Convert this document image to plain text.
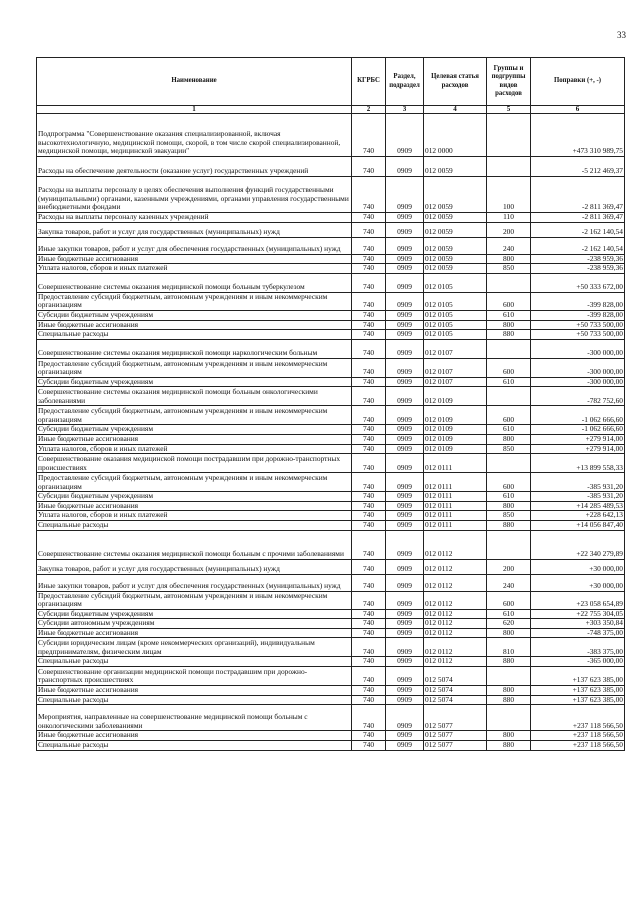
33
Наименование	КГРБС	Раздел, подраздел	Целевая статья расходов	Группы и подгруппы видов расходов	Поправки (+, -)
1	2	3	4	5	6
Подпрограмма "Совершенствование оказания специализированной, включая высокотехнологичную, медицинской помощи, скорой, в том числе скорой специализированной, медицинской помощи, медицинской эвакуации"	740	0909	012 0000		+473 310 989,75
Расходы на обеспечение деятельности (оказание услуг) государственных учреждений	740	0909	012 0059		-5 212 469,37
Расходы на выплаты персоналу в целях обеспечения выполнения функций государственными (муниципальными) органами, казенными учреждениями, органами управления государственными внебюджетными фондами	740	0909	012 0059	100	-2 811 369,47
Расходы на выплаты персоналу казенных учреждений	740	0909	012 0059	110	-2 811 369,47
Закупка товаров, работ и услуг для государственных (муниципальных) нужд	740	0909	012 0059	200	-2 162 140,54
Иные закупки товаров, работ и услуг для обеспечения государственных (муниципальных) нужд	740	0909	012 0059	240	-2 162 140,54
Иные бюджетные ассигнования	740	0909	012 0059	800	-238 959,36
Уплата налогов, сборов и иных платежей	740	0909	012 0059	850	-238 959,36
Совершенствование системы оказания медицинской помощи больным туберкулезом	740	0909	012 0105		+50 333 672,00
Предоставление субсидий бюджетным, автономным учреждениям и иным некоммерческим организациям	740	0909	012 0105	600	-399 828,00
Субсидии бюджетным учреждениям	740	0909	012 0105	610	-399 828,00
Иные бюджетные ассигнования	740	0909	012 0105	800	+50 733 500,00
Специальные расходы	740	0909	012 0105	880	+50 733 500,00
Совершенствование системы оказания медицинской помощи наркологическим больным	740	0909	012 0107		-300 000,00
Предоставление субсидий бюджетным, автономным учреждениям и иным некоммерческим организациям	740	0909	012 0107	600	-300 000,00
Субсидии бюджетным учреждениям	740	0909	012 0107	610	-300 000,00
Совершенствование системы оказания медицинской помощи больным онкологическими заболеваниями	740	0909	012 0109		-782 752,60
Предоставление субсидий бюджетным, автономным учреждениям и иным некоммерческим организациям	740	0909	012 0109	600	-1 062 666,60
Субсидии бюджетным учреждениям	740	0909	012 0109	610	-1 062 666,60
Иные бюджетные ассигнования	740	0909	012 0109	800	+279 914,00
Уплата налогов, сборов и иных платежей	740	0909	012 0109	850	+279 914,00
Совершенствование оказания медицинской помощи пострадавшим при дорожно-транспортных происшествиях	740	0909	012 0111		+13 899 558,33
Предоставление субсидий бюджетным, автономным учреждениям и иным некоммерческим организациям	740	0909	012 0111	600	-385 931,20
Субсидии бюджетным учреждениям	740	0909	012 0111	610	-385 931,20
Иные бюджетные ассигнования	740	0909	012 0111	800	+14 285 489,53
Уплата налогов, сборов и иных платежей	740	0909	012 0111	850	+228 642,13
Специальные расходы	740	0909	012 0111	880	+14 056 847,40
Совершенствование системы оказания медицинской помощи больным с прочими заболеваниями	740	0909	012 0112		+22 340 279,89
Закупка товаров, работ и услуг для государственных (муниципальных) нужд	740	0909	012 0112	200	+30 000,00
Иные закупки товаров, работ и услуг для обеспечения государственных (муниципальных) нужд	740	0909	012 0112	240	+30 000,00
Предоставление субсидий бюджетным, автономным учреждениям и иным некоммерческим организациям	740	0909	012 0112	600	+23 058 654,89
Субсидии бюджетным учреждениям	740	0909	012 0112	610	+22 755 304,05
Субсидии автономным учреждениям	740	0909	012 0112	620	+303 350,84
Иные бюджетные ассигнования	740	0909	012 0112	800	-748 375,00
Субсидии юридическим лицам (кроме некоммерческих организаций), индивидуальным предпринимателям, физическим лицам	740	0909	012 0112	810	-383 375,00
Специальные расходы	740	0909	012 0112	880	-365 000,00
Совершенствование организации медицинской помощи пострадавшим при дорожно-транспортных происшествиях	740	0909	012 5074		+137 623 385,00
Иные бюджетные ассигнования	740	0909	012 5074	800	+137 623 385,00
Специальные расходы	740	0909	012 5074	880	+137 623 385,00
Мероприятия, направленные на совершенствование медицинской помощи больным с онкологическими заболеваниями	740	0909	012 5077		+237 118 566,50
Иные бюджетные ассигнования	740	0909	012 5077	800	+237 118 566,50
Специальные расходы	740	0909	012 5077	880	+237 118 566,50
